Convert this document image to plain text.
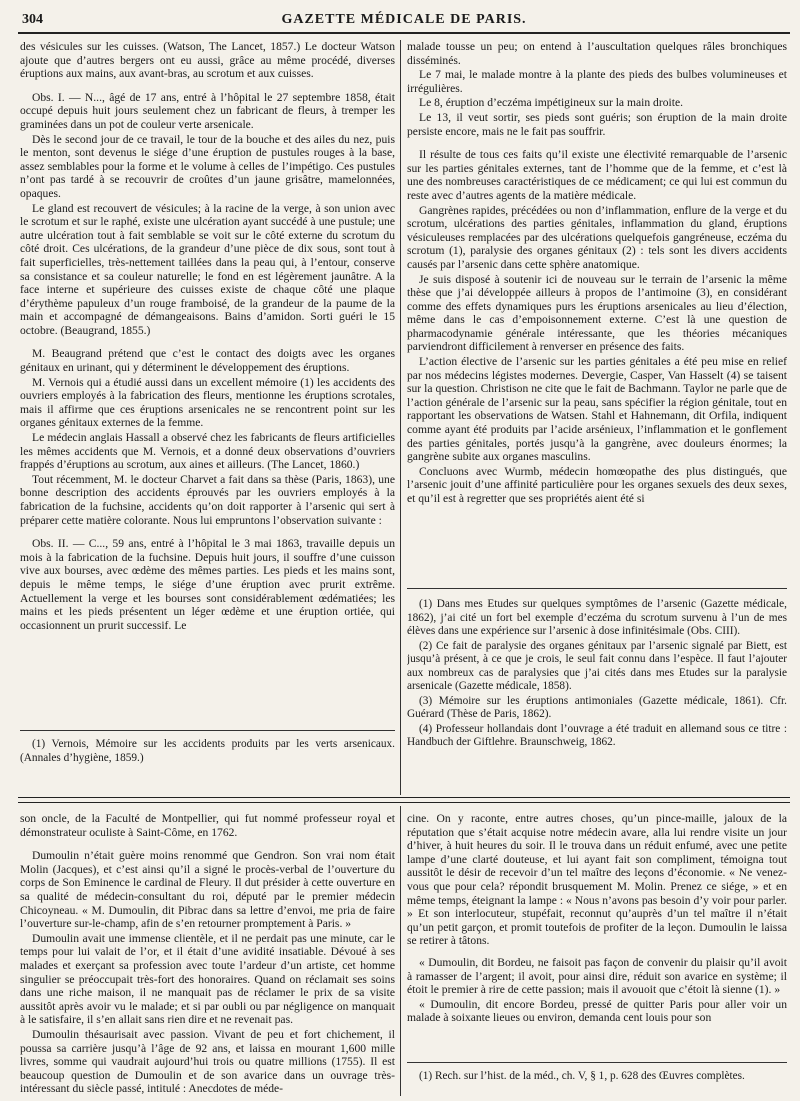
304	GAZETTE MÉDICALE DE PARIS.

des vésicules sur les cuisses. (Watson, The Lancet, 1857.) Le docteur Watson ajoute que d’autres bergers ont eu aussi, grâce au même procédé, diverses éruptions aux mains, aux avant-bras, au scrotum et aux cuisses.

Obs. I. — N..., âgé de 17 ans, entré à l’hôpital le 27 septembre 1858, était occupé depuis huit jours seulement chez un fabricant de fleurs, à tremper les graminées dans un pot de couleur verte arsenicale.

Dès le second jour de ce travail, le tour de la bouche et des ailes du nez, puis le menton, sont devenus le siége d’une éruption de pustules rouges à la base, assez semblables pour la forme et le volume à celles de l’impétigo. Ces pustules n’ont pas tardé à se recouvrir de croûtes d’un jaune grisâtre, mamelonnées, opaques.

Le gland est recouvert de vésicules; à la racine de la verge, à son union avec le scrotum et sur le raphé, existe une ulcération ayant succédé à une pustule; une autre ulcération tout à fait semblable se voit sur le côté externe du scrotum du côté droit. Ces ulcérations, de la grandeur d’une pièce de dix sous, sont tout à fait superficielles, très-nettement taillées dans la peau qui, à l’entour, conserve sa consistance et sa couleur naturelle; le fond en est légèrement jaunâtre. A la face interne et supérieure des cuisses existe de chaque côté une plaque d’érythème papuleux d’un rouge framboisé, de la grandeur de la paume de la main et accompagné de démangeaisons. Bains d’amidon. Sorti guéri le 15 octobre. (Beaugrand, 1855.)

M. Beaugrand prétend que c’est le contact des doigts avec les organes génitaux en urinant, qui y déterminent le développement des éruptions.

M. Vernois qui a étudié aussi dans un excellent mémoire (1) les accidents des ouvriers employés à la fabrication des fleurs, mentionne les éruptions scrotales, mais il affirme que ces éruptions arsenicales ne se rencontrent point sur les organes génitaux externes de la femme.

Le médecin anglais Hassall a observé chez les fabricants de fleurs artificielles les mêmes accidents que M. Vernois, et a donné deux observations d’ouvriers frappés d’éruptions au scrotum, aux aines et ailleurs. (The Lancet, 1860.)

Tout récemment, M. le docteur Charvet a fait dans sa thèse (Paris, 1863), une bonne description des accidents éprouvés par les ouvriers employés à la fabrication de la fuchsine, accidents qu’on doit rapporter à l’arsenic qui sert à préparer cette matière colorante. Nous lui empruntons l’observation suivante :

Obs. II. — C..., 59 ans, entré à l’hôpital le 3 mai 1863, travaille depuis un mois à la fabrication de la fuchsine. Depuis huit jours, il souffre d’une cuisson vive aux bourses, avec œdème des mêmes parties. Les pieds et les mains sont, depuis le même temps, le siége d’une éruption avec prurit extrême. Actuellement la verge et les bourses sont considérablement œdématiées; les mains et les pieds présentent un léger œdème et une éruption ortiée, qui occasionnent un prurit successif. Le

(1) Vernois, Mémoire sur les accidents produits par les verts arsenicaux. (Annales d’hygiène, 1859.)

malade tousse un peu; on entend à l’auscultation quelques râles bronchiques disséminés.

Le 7 mai, le malade montre à la plante des pieds des bulbes volumineuses et irrégulières.

Le 8, éruption d’eczéma impétigineux sur la main droite.

Le 13, il veut sortir, ses pieds sont guéris; son éruption de la main droite persiste encore, mais ne le fait pas souffrir.

Il résulte de tous ces faits qu’il existe une électivité remarquable de l’arsenic sur les parties génitales externes, tant de l’homme que de la femme, et c’est là une des nombreuses caractéristiques de ce médicament; ce qui lui est commun du reste avec d’autres agents de la matière médicale.

Gangrènes rapides, précédées ou non d’inflammation, enflure de la verge et du scrotum, ulcérations des parties génitales, inflammation du gland, éruptions vésiculeuses remplacées par des ulcérations quelquefois gangréneuse, eczéma du scrotum (1), paralysie des organes génitaux (2) : tels sont les divers accidents causés par l’arsenic dans cette sphère anatomique.

Je suis disposé à soutenir ici de nouveau sur le terrain de l’arsenic la même thèse que j’ai développée ailleurs à propos de l’antimoine (3), en considérant comme des effets dynamiques purs les éruptions arsenicales au lieu d’élection, même dans le cas d’empoisonnement externe. C’est là une question de pharmacodynamie générale intéressante, que les théories mécaniques parviendront difficilement à renverser en présence des faits.

L’action élective de l’arsenic sur les parties génitales a été peu mise en relief par nos médecins légistes modernes. Devergie, Casper, Van Hasselt (4) se taisent sur la question. Christison ne cite que le fait de Bachmann. Taylor ne parle que de l’action générale de l’arsenic sur la peau, sans spécifier la région génitale, tout en rapportant les observations de Watsen. Stahl et Hahnemann, dit Orfila, indiquent comme ayant été produits par l’acide arsénieux, l’inflammation et le gonflement des parties génitales, portés jusqu’à la gangrène, avec douleurs énormes; la gangrène subite aux organes masculins.

Concluons avec Wurmb, médecin homœopathe des plus distingués, que l’arsenic jouit d’une affinité particulière pour les organes sexuels des deux sexes, et qu’il est à regretter que ses propriétés aient été si

(1) Dans mes Etudes sur quelques symptômes de l’arsenic (Gazette médicale, 1862), j’ai cité un fort bel exemple d’eczéma du scrotum survenu à l’un de mes élèves dans une expérience sur l’arsenic à dose infinitésimale (Obs. CIII).

(2) Ce fait de paralysie des organes génitaux par l’arsenic signalé par Biett, est jusqu’à présent, à ce que je crois, le seul fait connu dans l’espèce. Il faut l’ajouter aux nombreux cas de paralysies que j’ai cités dans mes Etudes sur la paralysie arsenicale (Gazette médicale, 1858).

(3) Mémoire sur les éruptions antimoniales (Gazette médicale, 1861). Cfr. Guérard (Thèse de Paris, 1862).

(4) Professeur hollandais dont l’ouvrage a été traduit en allemand sous ce titre : Handbuch der Giftlehre. Braunschweig, 1862.

son oncle, de la Faculté de Montpellier, qui fut nommé professeur royal et démonstrateur oculiste à Saint-Côme, en 1762.

Dumoulin n’était guère moins renommé que Gendron. Son vrai nom était Molin (Jacques), et c’est ainsi qu’il a signé le procès-verbal de l’ouverture du corps de Son Eminence le cardinal de Fleury. Il dut présider à cette ouverture en sa qualité de médecin-consultant du roi, député par le premier médecin Chicoyneau. « M. Dumoulin, dit Pibrac dans sa lettre d’envoi, me pria de faire l’ouverture sur-le-champ, afin de s’en retourner promptement à Paris. »

Dumoulin avait une immense clientèle, et il ne perdait pas une minute, car le temps pour lui valait de l’or, et il était d’une avidité insatiable. Dévoué à ses malades et exerçant sa profession avec toute l’ardeur d’un artiste, cet homme singulier se préoccupait très-fort des honoraires. Quand on réclamait ses soins dans une riche maison, il ne manquait pas de réclamer le prix de sa visite aussitôt après avoir vu le malade; et si par oubli ou par négligence on manquait à le satisfaire, il s’en allait sans rien dire et ne revenait pas.

Dumoulin thésaurisait avec passion. Vivant de peu et fort chichement, il poussa sa carrière jusqu’à l’âge de 92 ans, et laissa en mourant 1,600 mille livres, somme qui vaudrait aujourd’hui trois ou quatre millions (1755). Il est beaucoup question de Dumoulin et de son avarice dans un ouvrage très-intéressant du siècle passé, intitulé : Anecdotes de méde-

cine. On y raconte, entre autres choses, qu’un pince-maille, jaloux de la réputation que s’était acquise notre médecin avare, alla lui rendre visite un jour d’hiver, à huit heures du soir. Il le trouva dans un réduit enfumé, avec une petite lampe d’une clarté douteuse, et lui ayant fait son compliment, témoigna tout aussitôt le désir de recevoir d’un tel maître des leçons d’économie. « Ne venez-vous que pour cela? répondit brusquement M. Molin. Prenez ce siége, » et en même temps, éteignant la lampe : « Nous n’avons pas besoin d’y voir pour parler. » Et son interlocuteur, stupéfait, reconnut qu’auprès d’un tel maître il n’était qu’un petit garçon, et promit toutefois de profiter de la leçon. Dumoulin le laissa se retirer à tâtons.

« Dumoulin, dit Bordeu, ne faisoit pas façon de convenir du plaisir qu’il avoit à ramasser de l’argent; il avoit, pour ainsi dire, réduit son avarice en système; il étoit le premier à rire de cette passion; mais il avouoit que c’étoit là sienne (1). »

« Dumoulin, dit encore Bordeu, pressé de quitter Paris pour aller voir un malade à soixante lieues ou environ, demanda cent louis pour son

(1) Rech. sur l’hist. de la méd., ch. V, § 1, p. 628 des Œuvres complètes.
